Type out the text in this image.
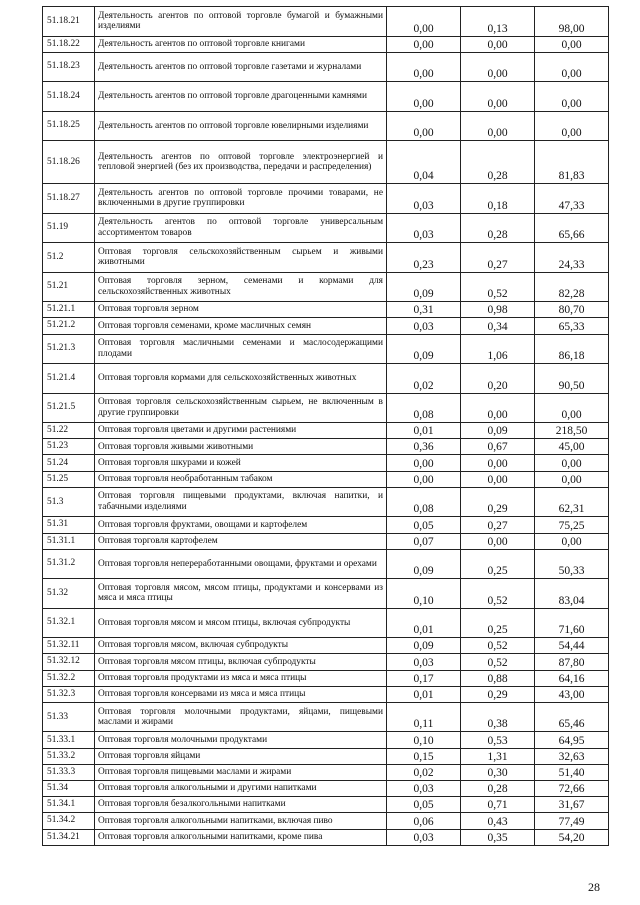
51.18.21	Деятельность агентов по оптовой торговле бумагой и бумажными изделиями	0,00	0,13	98,00
51.18.22	Деятельность агентов по оптовой торговле книгами	0,00	0,00	0,00
51.18.23	Деятельность агентов по оптовой торговле газетами и журналами	0,00	0,00	0,00
51.18.24	Деятельность агентов по оптовой торговле драгоценными камнями	0,00	0,00	0,00
51.18.25	Деятельность агентов по оптовой торговле ювелирными изделиями	0,00	0,00	0,00
51.18.26	Деятельность агентов по оптовой торговле электроэнергией и тепловой энергией (без их производства, передачи и распределения)	0,04	0,28	81,83
51.18.27	Деятельность агентов по оптовой торговле прочими товарами, не включенными в другие группировки	0,03	0,18	47,33
51.19	Деятельность агентов по оптовой торговле универсальным ассортиментом товаров	0,03	0,28	65,66
51.2	Оптовая торговля сельскохозяйственным сырьем и живыми животными	0,23	0,27	24,33
51.21	Оптовая торговля зерном, семенами и кормами для сельскохозяйственных животных	0,09	0,52	82,28
51.21.1	Оптовая торговля зерном	0,31	0,98	80,70
51.21.2	Оптовая торговля семенами, кроме масличных семян	0,03	0,34	65,33
51.21.3	Оптовая торговля масличными семенами и маслосодержащими плодами	0,09	1,06	86,18
51.21.4	Оптовая торговля кормами для сельскохозяйственных животных	0,02	0,20	90,50
51.21.5	Оптовая торговля сельскохозяйственным сырьем, не включенным в другие группировки	0,08	0,00	0,00
51.22	Оптовая торговля цветами и другими растениями	0,01	0,09	218,50
51.23	Оптовая торговля живыми животными	0,36	0,67	45,00
51.24	Оптовая торговля шкурами и кожей	0,00	0,00	0,00
51.25	Оптовая торговля необработанным табаком	0,00	0,00	0,00
51.3	Оптовая торговля пищевыми продуктами, включая напитки, и табачными изделиями	0,08	0,29	62,31
51.31	Оптовая торговля фруктами, овощами и картофелем	0,05	0,27	75,25
51.31.1	Оптовая торговля картофелем	0,07	0,00	0,00
51.31.2	Оптовая торговля непереработанными овощами, фруктами и орехами	0,09	0,25	50,33
51.32	Оптовая торговля мясом, мясом птицы, продуктами и консервами из мяса и мяса птицы	0,10	0,52	83,04
51.32.1	Оптовая торговля мясом и мясом птицы, включая субпродукты	0,01	0,25	71,60
51.32.11	Оптовая торговля мясом, включая субпродукты	0,09	0,52	54,44
51.32.12	Оптовая торговля мясом птицы, включая субпродукты	0,03	0,52	87,80
51.32.2	Оптовая торговля продуктами из мяса и мяса птицы	0,17	0,88	64,16
51.32.3	Оптовая торговля консервами из мяса и мяса птицы	0,01	0,29	43,00
51.33	Оптовая торговля молочными продуктами, яйцами, пищевыми маслами и жирами	0,11	0,38	65,46
51.33.1	Оптовая торговля молочными продуктами	0,10	0,53	64,95
51.33.2	Оптовая торговля яйцами	0,15	1,31	32,63
51.33.3	Оптовая торговля пищевыми маслами и жирами	0,02	0,30	51,40
51.34	Оптовая торговля алкогольными и другими напитками	0,03	0,28	72,66
51.34.1	Оптовая торговля безалкогольными напитками	0,05	0,71	31,67
51.34.2	Оптовая торговля алкогольными напитками, включая пиво	0,06	0,43	77,49
51.34.21	Оптовая торговля алкогольными напитками, кроме пива	0,03	0,35	54,20
28
